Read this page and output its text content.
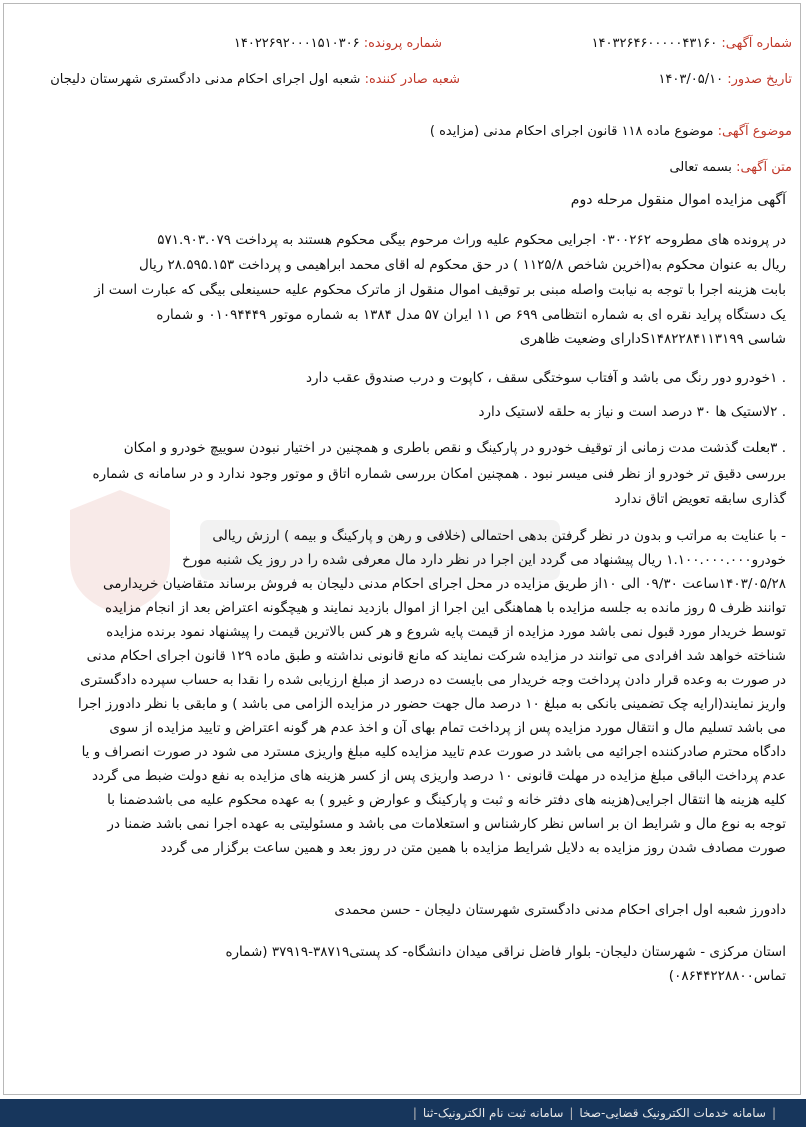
شماره آگهی: ۱۴۰۳۲۶۴۶۰۰۰۰۰۴۳۱۶۰
شماره پرونده: ۱۴۰۲۲۶۹۲۰۰۰۱۵۱۰۳۰۶
تاریخ صدور: ۱۴۰۳/۰۵/۱۰
شعبه صادر کننده: شعبه اول اجرای احکام مدنی دادگستری شهرستان دلیجان
موضوع آگهی: موضوع ماده ۱۱۸ قانون اجرای احکام مدنی (مزایده )
متن آگهی: بسمه تعالی
آگهی مزایده اموال منقول مرحله دوم
در پرونده های مطروحه ۰۳۰۰۲۶۲ اجرایی محکوم علیه وراث مرحوم بیگی محکوم هستند به پرداخت ۵۷۱.۹۰۳.۰۷۹
ریال به عنوان محکوم به(اخرین شاخص ۱۱۲۵/۸ ) در حق محکوم له اقای محمد ابراهیمی و پرداخت ۲۸.۵۹۵.۱۵۳ ریال
بابت هزینه اجرا با توجه به نیابت واصله مبنی بر توقیف اموال منقول از ماترک محکوم علیه حسینعلی بیگی که عبارت است از
یک دستگاه پراید نقره ای به شماره انتظامی ۶۹۹ ص ۱۱ ایران ۵۷ مدل ۱۳۸۴ به شماره موتور ۰۱۰۹۴۴۴۹ و شماره
شاسی S۱۴۸۲۲۸۴۱۱۳۱۹۹دارای وضعیت ظاهری
. ۱خودرو دور رنگ می باشد و آفتاب سوختگی سقف ، کاپوت و درب صندوق عقب دارد
. ۲لاستیک ها ۳۰ درصد است و نیاز به حلقه لاستیک دارد
. ۳بعلت گذشت مدت زمانی از توقیف خودرو در پارکینگ و نقص باطری و همچنین در اختیار نبودن سوییچ خودرو و امکان
بررسی دقیق تر خودرو از نظر فنی میسر نبود . همچنین امکان بررسی شماره اتاق و موتور وجود ندارد و در سامانه ی شماره
گذاری سابقه تعویض اتاق ندارد
- با عنایت به مراتب و بدون در نظر گرفتن بدهی احتمالی (خلافی و رهن و پارکینگ و بیمه ) ارزش ریالی
خودرو۱.۱۰۰.۰۰۰.۰۰۰ ریال پیشنهاد می گردد این اجرا در نظر دارد مال معرفی شده را در روز یک شنبه مورخ
۱۴۰۳/۰۵/۲۸ساعت ۰۹/۳۰ الی ۱۰از طریق مزایده در محل اجرای احکام مدنی دلیجان به فروش برساند متقاضیان خریدارمی
توانند ظرف ۵ روز مانده به جلسه مزایده با هماهنگی این اجرا از اموال بازدید نمایند و هیچگونه اعتراض بعد از انجام مزایده
توسط خریدار مورد قبول نمی باشد مورد مزایده از قیمت پایه شروع و هر کس بالاترین قیمت را پیشنهاد نمود برنده مزایده
شناخته خواهد شد افرادی می توانند در مزایده شرکت نمایند که مانع قانونی نداشته و طبق ماده ۱۲۹ قانون اجرای احکام مدنی
در صورت به وعده قرار دادن پرداخت وجه خریدار می بایست ده درصد از مبلغ ارزیابی شده را نقدا به حساب سپرده دادگستری
واریز نمایند(ارایه چک تضمینی بانکی به مبلغ ۱۰ درصد مال جهت حضور در مزایده الزامی می باشد ) و مابقی با نظر دادورز اجرا
می باشد تسلیم مال و انتقال مورد مزایده پس از پرداخت تمام بهای آن و اخذ عدم هر گونه اعتراض و تایید مزایده از سوی
دادگاه محترم صادرکننده اجرائیه می باشد در صورت عدم تایید مزایده کلیه مبلغ واریزی مسترد می شود در صورت انصراف و یا
عدم پرداخت الباقی مبلغ مزایده در مهلت قانونی ۱۰ درصد واریزی پس از کسر هزینه های مزایده به نفع دولت ضبط می گردد
کلیه هزینه ها انتقال اجرایی(هزینه های دفتر خانه و ثبت و پارکینگ و عوارض و غیرو ) به عهده محکوم علیه می باشدضمنا با
توجه به نوع مال و شرایط ان بر اساس نظر کارشناس و استعلامات می باشد و مسئولیتی به عهده اجرا نمی باشد ضمنا در
صورت مصادف شدن روز مزایده به دلایل شرایط مزایده با همین متن در روز بعد و همین ساعت برگزار می گردد
دادورز شعبه اول اجرای احکام مدنی دادگستری شهرستان دلیجان - حسن محمدی
استان مرکزی - شهرستان دلیجان- بلوار فاضل نراقی میدان دانشگاه- کد پستی۳۸۷۱۹-۳۷۹۱۹ (شماره
تماس۰۸۶۴۴۲۲۸۸۰۰)
|
سامانه خدمات الکترونیک قضایی-صخا
|
سامانه ثبت نام الکترونیک-ثنا
|
